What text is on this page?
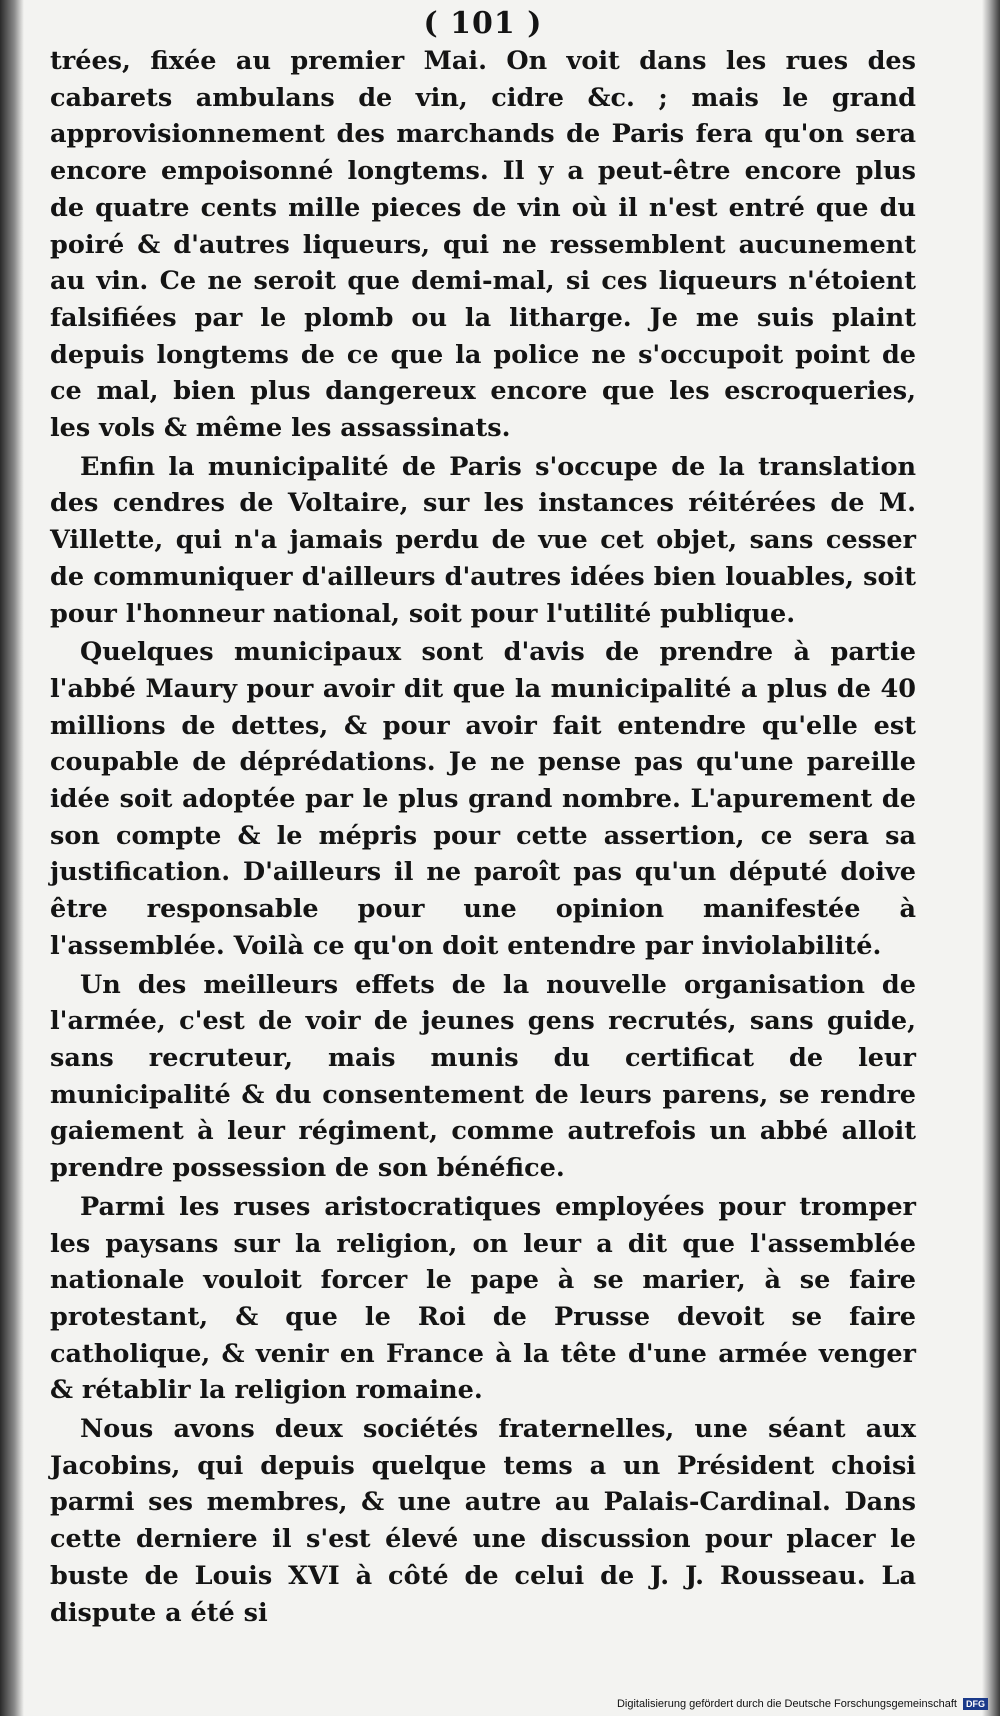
( 101 )

trées, fixée au premier Mai. On voit dans les rues des cabarets ambulans de vin, cidre &c. ; mais le grand approvisionnement des marchands de Paris fera qu'on sera encore empoisonné longtems. Il y a peut-être encore plus de quatre cents mille pieces de vin où il n'est entré que du poiré & d'autres liqueurs, qui ne ressemblent aucunement au vin. Ce ne seroit que demi-mal, si ces liqueurs n'étoient falsifiées par le plomb ou la litharge. Je me suis plaint depuis longtems de ce que la police ne s'occupoit point de ce mal, bien plus dangereux encore que les escroqueries, les vols & même les assassinats.

Enfin la municipalité de Paris s'occupe de la translation des cendres de Voltaire, sur les instances réitérées de M. Villette, qui n'a jamais perdu de vue cet objet, sans cesser de communiquer d'ailleurs d'autres idées bien louables, soit pour l'honneur national, soit pour l'utilité publique.

Quelques municipaux sont d'avis de prendre à partie l'abbé Maury pour avoir dit que la municipalité a plus de 40 millions de dettes, & pour avoir fait entendre qu'elle est coupable de déprédations. Je ne pense pas qu'une pareille idée soit adoptée par le plus grand nombre. L'apurement de son compte & le mépris pour cette assertion, ce sera sa justification. D'ailleurs il ne paroît pas qu'un député doive être responsable pour une opinion manifestée à l'assemblée. Voilà ce qu'on doit entendre par inviolabilité.

Un des meilleurs effets de la nouvelle organisation de l'armée, c'est de voir de jeunes gens recrutés, sans guide, sans recruteur, mais munis du certificat de leur municipalité & du consentement de leurs parens, se rendre gaiement à leur régiment, comme autrefois un abbé alloit prendre possession de son bénéfice.

Parmi les ruses aristocratiques employées pour tromper les paysans sur la religion, on leur a dit que l'assemblée nationale vouloit forcer le pape à se marier, à se faire protestant, & que le Roi de Prusse devoit se faire catholique, & venir en France à la tête d'une armée venger & rétablir la religion romaine.

Nous avons deux sociétés fraternelles, une séant aux Jacobins, qui depuis quelque tems a un Président choisi parmi ses membres, & une autre au Palais-Cardinal. Dans cette derniere il s'est élevé une discussion pour placer le buste de Louis XVI à côté de celui de J. J. Rousseau. La dispute a été si

Digitalisierung gefördert durch die Deutsche Forschungsgemeinschaft DFG
